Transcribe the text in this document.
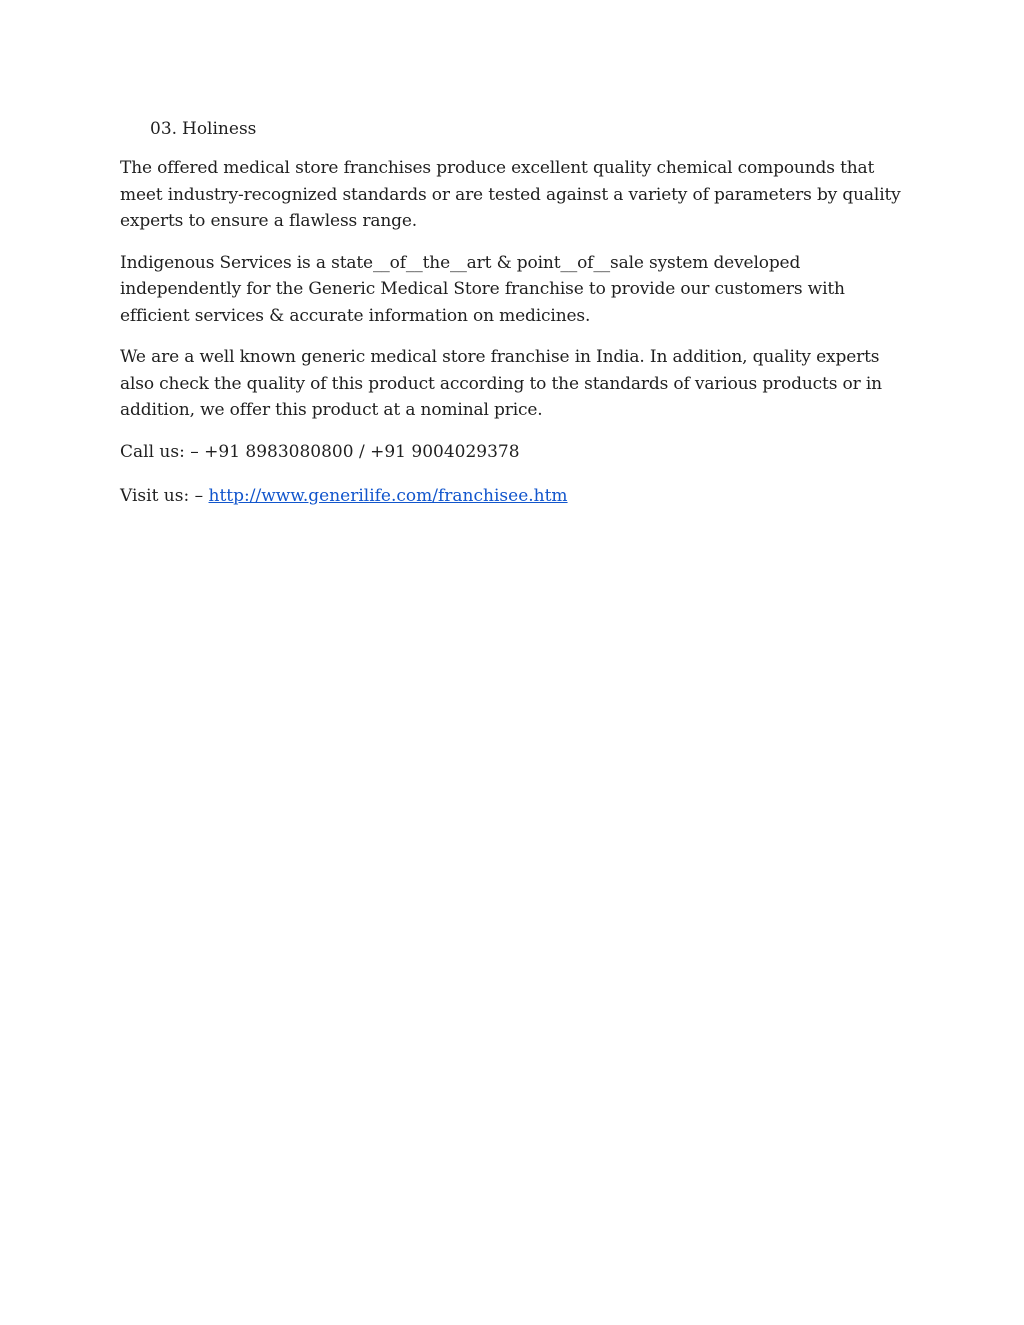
03. Holiness

The offered medical store franchises produce excellent quality chemical compounds that meet industry-recognized standards or are tested against a variety of parameters by quality experts to ensure a flawless range.

Indigenous Services is a state__of__the__art & point__of__sale system developed independently for the Generic Medical Store franchise to provide our customers with efficient services & accurate information on medicines.

We are a well known generic medical store franchise in India. In addition, quality experts also check the quality of this product according to the standards of various products or in addition, we offer this product at a nominal price.

Call us: – +91 8983080800 / +91 9004029378

Visit us: – http://www.generilife.com/franchisee.htm
